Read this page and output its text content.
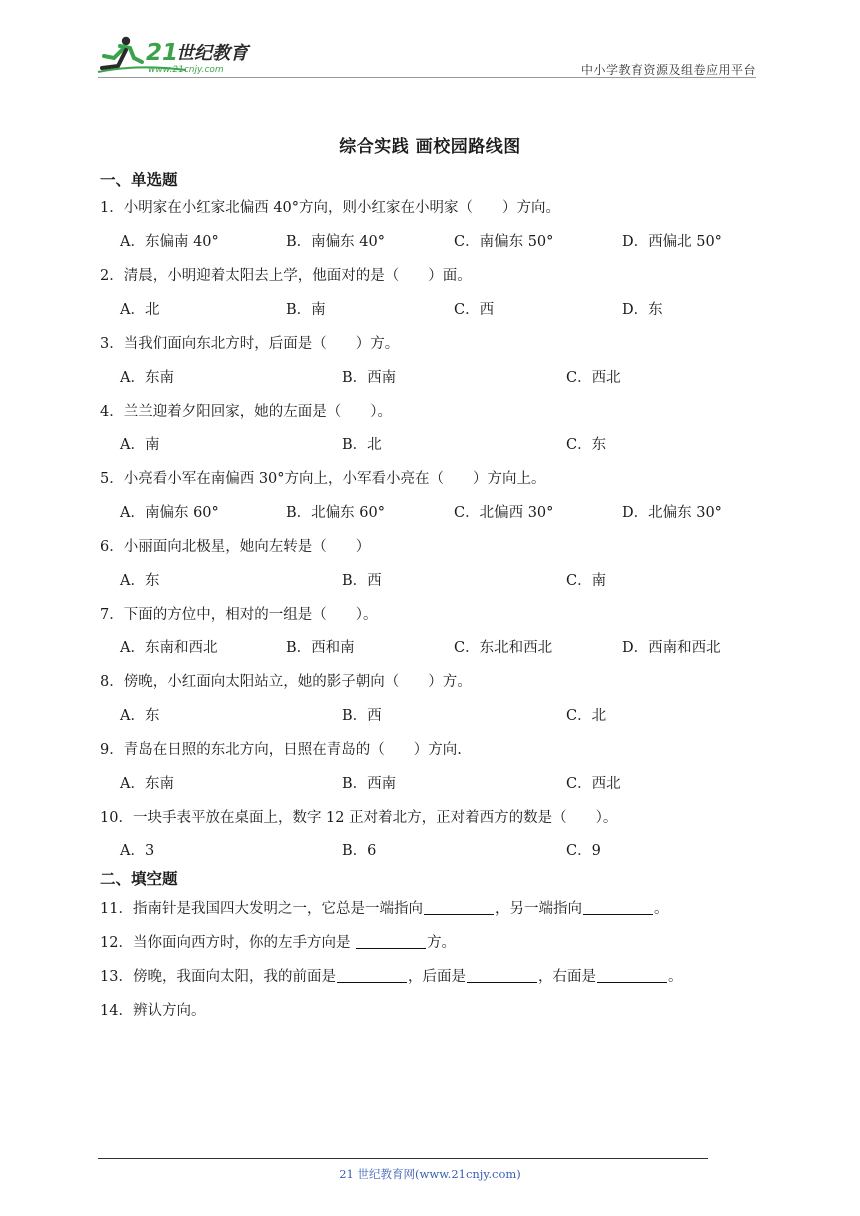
21
世纪教育
www.21cnjy.com	中小学教育资源及组卷应用平台
综合实践 画校园路线图
一、单选题
1．小明家在小红家北偏西 40°方向，则小红家在小明家（　　）方向。
A．东偏南 40°	B．南偏东 40°	C．南偏东 50°	D．西偏北 50°
2．清晨，小明迎着太阳去上学，他面对的是（　　）面。
A．北	B．南	C．西	D．东
3．当我们面向东北方时，后面是（　　）方。
A．东南	B．西南	C．西北
4．兰兰迎着夕阳回家，她的左面是（　　）。
A．南	B．北	C．东
5．小亮看小军在南偏西 30°方向上，小军看小亮在（　　）方向上。
A．南偏东 60°	B．北偏东 60°	C．北偏西 30°	D．北偏东 30°
6．小丽面向北极星，她向左转是（　　）
A．东	B．西	C．南
7．下面的方位中，相对的一组是（　　）。
A．东南和西北	B．西和南	C．东北和西北	D．西南和西北
8．傍晚，小红面向太阳站立，她的影子朝向（　　）方。
A．东	B．西	C．北
9．青岛在日照的东北方向，日照在青岛的（　　）方向.
A．东南	B．西南	C．西北
10．一块手表平放在桌面上，数字 12 正对着北方，正对着西方的数是（　　）。
A．3	B．6	C．9
二、填空题
11．指南针是我国四大发明之一，它总是一端指向	，另一端指向	。
12．当你面向西方时，你的左手方向是	方。
13．傍晚，我面向太阳，我的前面是	，后面是	，右面是	。
14．辨认方向。
21 世纪教育网(www.21cnjy.com)
